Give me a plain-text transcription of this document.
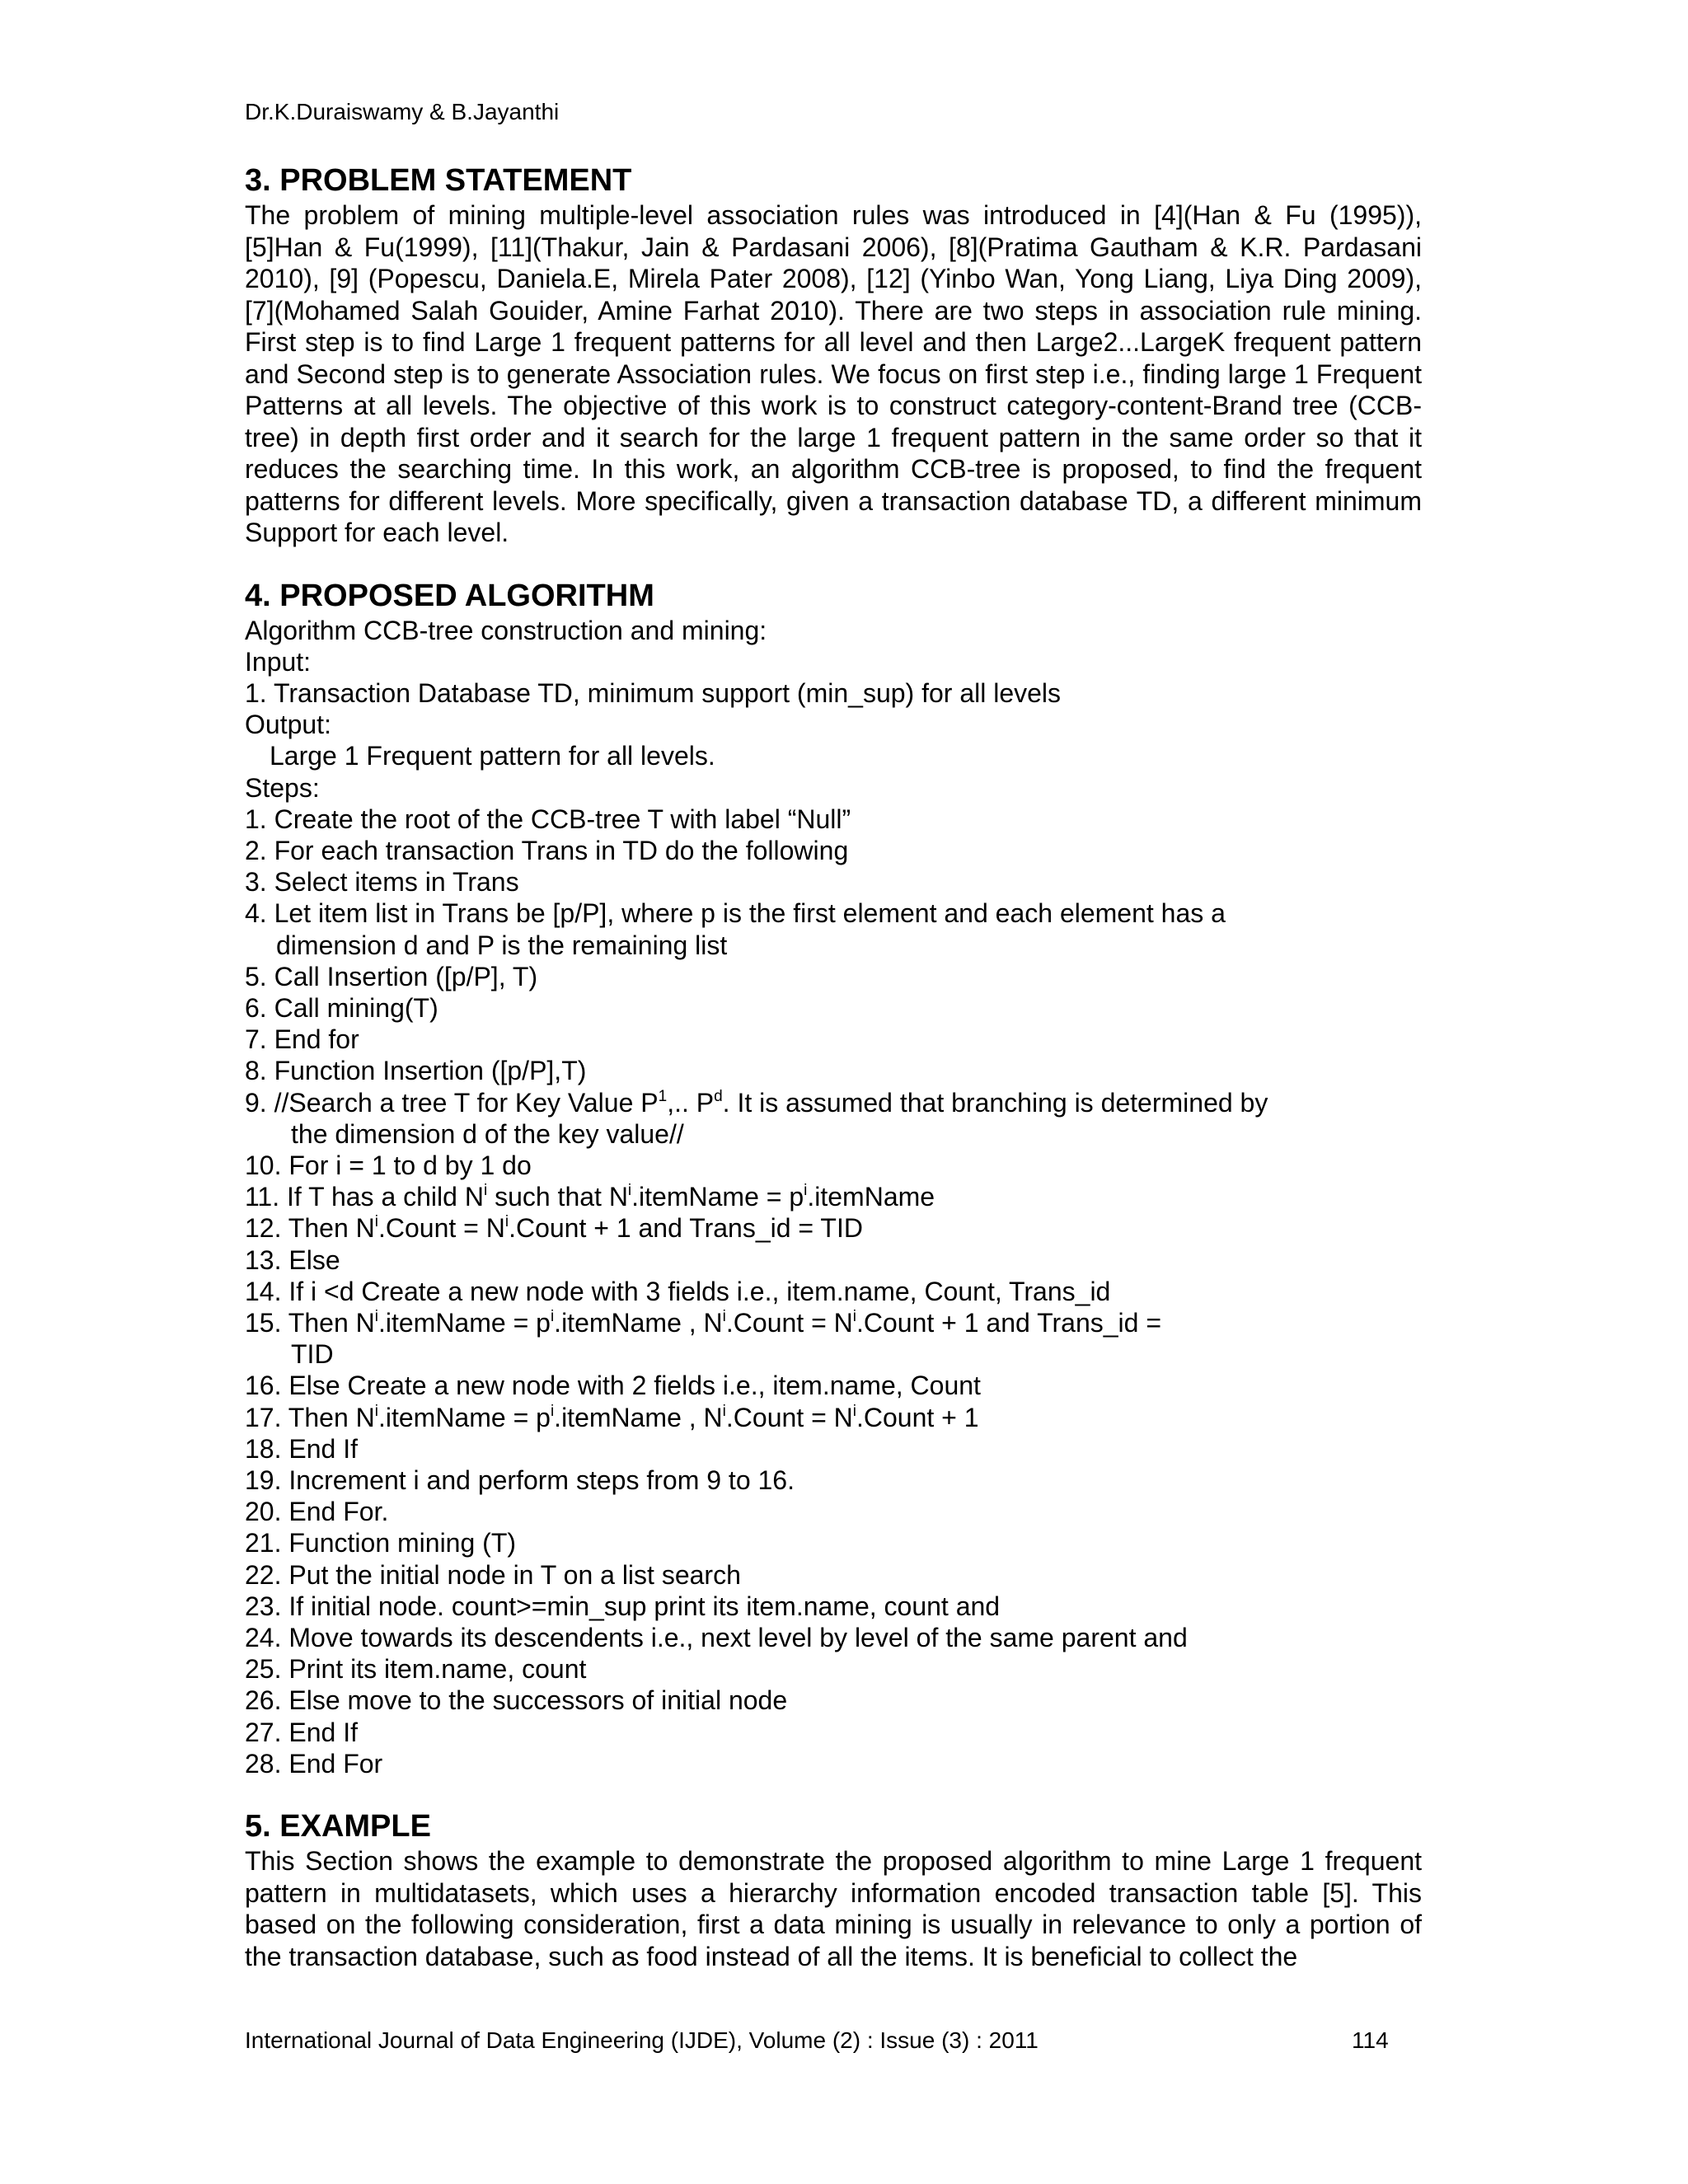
Dr.K.Duraiswamy & B.Jayanthi
3. PROBLEM STATEMENT

The problem of mining multiple-level association rules was introduced in [4](Han & Fu (1995)), [5]Han & Fu(1999), [11](Thakur, Jain & Pardasani 2006), [8](Pratima Gautham & K.R. Pardasani 2010), [9] (Popescu, Daniela.E, Mirela Pater 2008), [12] (Yinbo Wan, Yong Liang, Liya Ding 2009), [7](Mohamed Salah Gouider, Amine Farhat 2010). There are two steps in association rule mining. First step is to find Large 1 frequent patterns for all level and then Large2...LargeK frequent pattern and Second step is to generate Association rules. We focus on first step i.e., finding large 1 Frequent Patterns at all levels. The objective of this work is to construct category-content-Brand tree (CCB-tree) in depth first order and it search for the large 1 frequent pattern in the same order so that it reduces the searching time. In this work, an algorithm CCB-tree is proposed, to find the frequent patterns for different levels. More specifically, given a transaction database TD, a different minimum Support for each level.

4. PROPOSED ALGORITHM
Algorithm CCB-tree construction and mining:
Input:
1. Transaction Database TD, minimum support (min_sup) for all levels
Output:
Large 1 Frequent pattern for all levels.
Steps:
1. Create the root of the CCB-tree T with label “Null”
2. For each transaction Trans in TD do the following
3. Select items in Trans
4. Let item list in Trans be [p/P], where p is the first element and each element has a
dimension d and P is the remaining list
5. Call Insertion ([p/P], T)
6. Call mining(T)
7. End for
8. Function Insertion ([p/P],T)
9. //Search a tree T for Key Value $P^1$,.. $P^d$. It is assumed that branching is determined by
the dimension d of the key value//
10. For i = 1 to d by 1 do
11. If T has a child $N^i$ such that $N^i.itemName$ = $p^i.itemName$
12. Then $N^i.Count$ = $N^i.Count + 1$ and Trans_id = TID
13. Else
14. If i <d Create a new node with 3 fields i.e., item.name, Count, Trans_id
15. Then $N^i.itemName$ = $p^i.itemName$ , $N^i.Count$ = $N^i.Count + 1$ and Trans_id =
TID
16. Else Create a new node with 2 fields i.e., item.name, Count
17. Then $N^i.itemName$ = $p^i.itemName$ , $N^i.Count$ = $N^i.Count + 1$
18. End If
19. Increment i and perform steps from 9 to 16.
20. End For.
21. Function mining (T)
22. Put the initial node in T on a list search
23. If initial node. count>=min_sup print its item.name, count and
24. Move towards its descendents i.e., next level by level of the same parent and
25. Print its item.name, count
26. Else move to the successors of initial node
27. End If
28. End For
5. EXAMPLE

This Section shows the example to demonstrate the proposed algorithm to mine Large 1 frequent pattern in multidatasets, which uses a hierarchy information encoded transaction table [5]. This based on the following consideration, first a data mining is usually in relevance to only a portion of the transaction database, such as food instead of all the items. It is beneficial to collect the

International Journal of Data Engineering (IJDE), Volume (2) : Issue (3) : 2011	114
